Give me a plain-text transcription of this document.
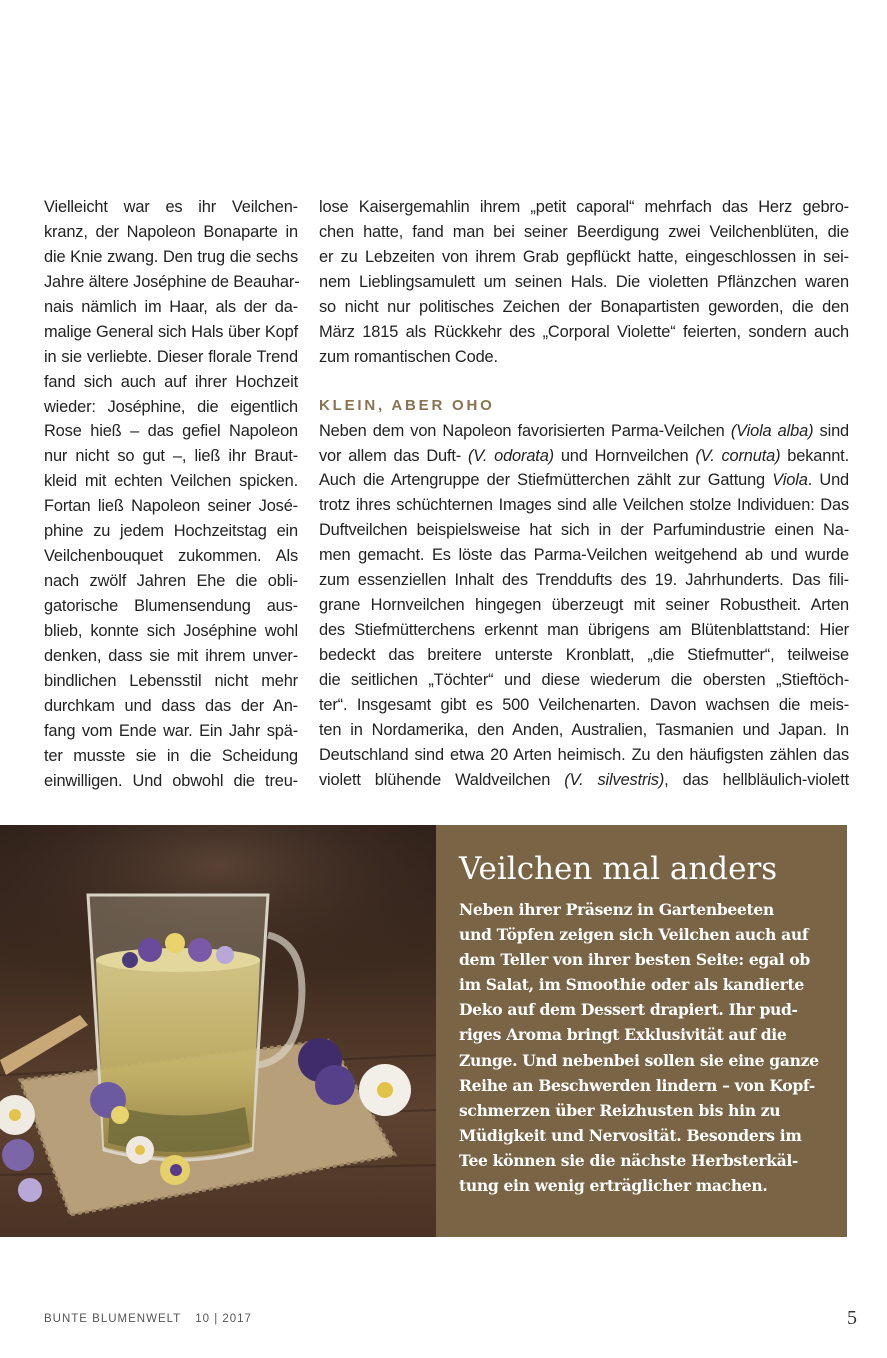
Vielleicht war es ihr Veilchen-
kranz, der Napoleon Bonaparte in
die Knie zwang. Den trug die sechs
Jahre ältere Joséphine de Beauhar-
nais nämlich im Haar, als der da-
malige General sich Hals über Kopf
in sie verliebte. Dieser florale Trend
fand sich auch auf ihrer Hochzeit
wieder: Joséphine, die eigentlich
Rose hieß – das gefiel Napoleon
nur nicht so gut –, ließ ihr Braut-
kleid mit echten Veilchen spicken.
Fortan ließ Napoleon seiner José-
phine zu jedem Hochzeitstag ein
Veilchenbouquet zukommen. Als
nach zwölf Jahren Ehe die obli-
gatorische Blumensendung aus-
blieb, konnte sich Joséphine wohl
denken, dass sie mit ihrem unver-
bindlichen Lebensstil nicht mehr
durchkam und dass das der An-
fang vom Ende war. Ein Jahr spä-
ter musste sie in die Scheidung
einwilligen. Und obwohl die treu-
lose Kaisergemahlin ihrem „petit caporal“ mehrfach das Herz gebro-
chen hatte, fand man bei seiner Beerdigung zwei Veilchenblüten, die
er zu Lebzeiten von ihrem Grab gepflückt hatte, eingeschlossen in sei-
nem Lieblingsamulett um seinen Hals. Die violetten Pflänzchen waren
so nicht nur politisches Zeichen der Bonapartisten geworden, die den
März 1815 als Rückkehr des „Corporal Violette“ feierten, sondern auch
zum romantischen Code.
KLEIN, ABER OHO
Neben dem von Napoleon favorisierten Parma-Veilchen (Viola alba) sind
vor allem das Duft- (V. odorata) und Hornveilchen (V. cornuta) bekannt.
Auch die Artengruppe der Stiefmütterchen zählt zur Gattung Viola. Und
trotz ihres schüchternen Images sind alle Veilchen stolze Individuen: Das
Duftveilchen beispielsweise hat sich in der Parfumindustrie einen Na-
men gemacht. Es löste das Parma-Veilchen weitgehend ab und wurde
zum essenziellen Inhalt des Trenddufts des 19. Jahrhunderts. Das fili-
grane Hornveilchen hingegen überzeugt mit seiner Robustheit. Arten
des Stiefmütterchens erkennt man übrigens am Blütenblattstand: Hier
bedeckt das breitere unterste Kronblatt, „die Stiefmutter“, teilweise
die seitlichen „Töchter“ und diese wiederum die obersten „Stieftöch-
ter“. Insgesamt gibt es 500 Veilchenarten. Davon wachsen die meis-
ten in Nordamerika, den Anden, Australien, Tasmanien und Japan. In
Deutschland sind etwa 20 Arten heimisch. Zu den häufigsten zählen das
violett blühende Waldveilchen (V. silvestris), das hellbläulich-violett
Veilchen mal anders
Neben ihrer Präsenz in Gartenbeeten
und Töpfen zeigen sich Veilchen auch auf
dem Teller von ihrer besten Seite: egal ob
im Salat, im Smoothie oder als kandierte
Deko auf dem Dessert drapiert. Ihr pud-
riges Aroma bringt Exklusivität auf die
Zunge. Und nebenbei sollen sie eine ganze
Reihe an Beschwerden lindern – von Kopf-
schmerzen über Reizhusten bis hin zu
Müdigkeit und Nervosität. Besonders im
Tee können sie die nächste Herbsterkäl-
tung ein wenig erträglicher machen.
BUNTE BLUMENWELT 10 | 2017	5
